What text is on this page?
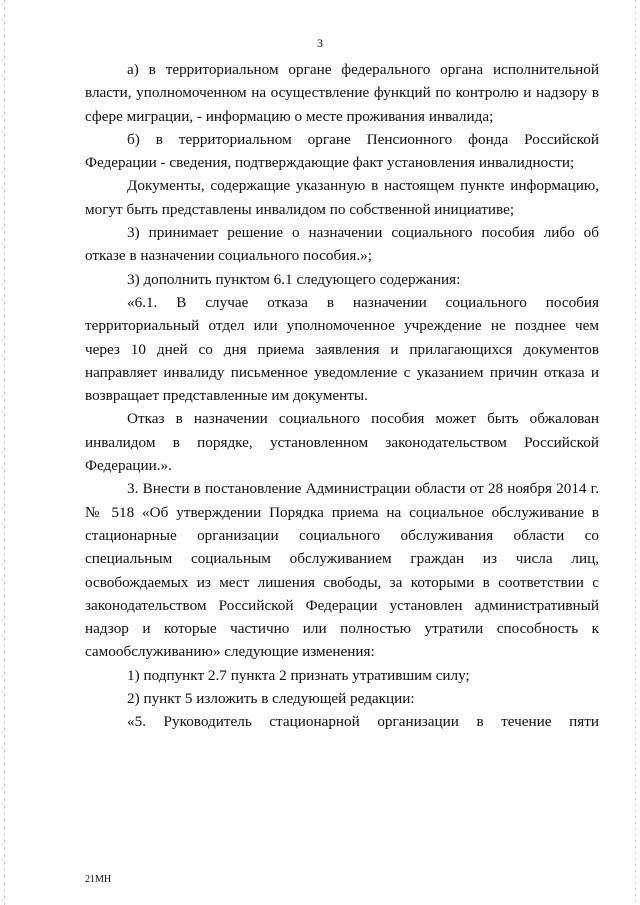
3

а) в территориальном органе федерального органа исполнительной власти, уполномоченном на осуществление функций по контролю и надзору в сфере миграции, - информацию о месте проживания инвалида;

б) в территориальном органе Пенсионного фонда Российской Федерации - сведения, подтверждающие факт установления инвалидности;

Документы, содержащие указанную в настоящем пункте информацию, могут быть представлены инвалидом по собственной инициативе;

3) принимает решение о назначении социального пособия либо об отказе в назначении социального пособия.»;

3) дополнить пунктом 6.1 следующего содержания:

«6.1. В случае отказа в назначении социального пособия территориальный отдел или уполномоченное учреждение не позднее чем через 10 дней со дня приема заявления и прилагающихся документов направляет инвалиду письменное уведомление с указанием причин отказа и возвращает представленные им документы.

Отказ в назначении социального пособия может быть обжалован инвалидом в порядке, установленном законодательством Российской Федерации.».

3. Внести в постановление Администрации области от 28 ноября 2014 г. № 518 «Об утверждении Порядка приема на социальное обслуживание в стационарные организации социального обслуживания области со специальным социальным обслуживанием граждан из числа лиц, освобождаемых из мест лишения свободы, за которыми в соответствии с законодательством Российской Федерации установлен административный надзор и которые частично или полностью утратили способность к самообслуживанию» следующие изменения:

1) подпункт 2.7 пункта 2 признать утратившим силу;

2) пункт 5 изложить в следующей редакции:

«5. Руководитель стационарной организации в течение пяти

21МН
